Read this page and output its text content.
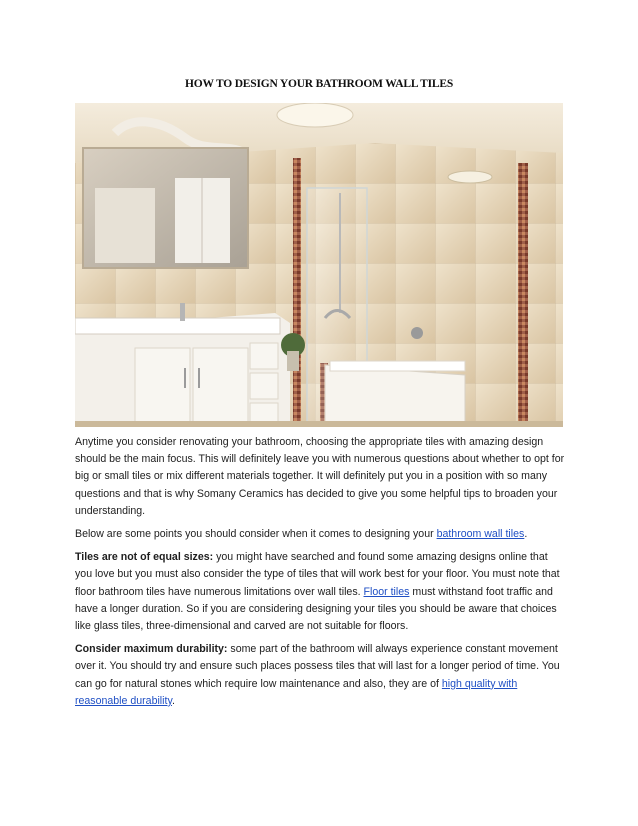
HOW TO DESIGN YOUR BATHROOM WALL TILES

Anytime you consider renovating your bathroom, choosing the appropriate tiles with amazing design should be the main focus. This will definitely leave you with numerous questions about whether to opt for big or small tiles or mix different materials together. It will definitely put you in a position with so many questions and that is why Somany Ceramics has decided to give you some helpful tips to broaden your understanding.

Below are some points you should consider when it comes to designing your bathroom wall tiles.

Tiles are not of equal sizes: you might have searched and found some amazing designs online that you love but you must also consider the type of tiles that will work best for your floor. You must note that floor bathroom tiles have numerous limitations over wall tiles. Floor tiles must withstand foot traffic and have a longer duration. So if you are considering designing your tiles you should be aware that choices like glass tiles, three-dimensional and carved are not suitable for floors.

Consider maximum durability: some part of the bathroom will always experience constant movement over it. You should try and ensure such places possess tiles that will last for a longer period of time. You can go for natural stones which require low maintenance and also, they are of high quality with reasonable durability.
